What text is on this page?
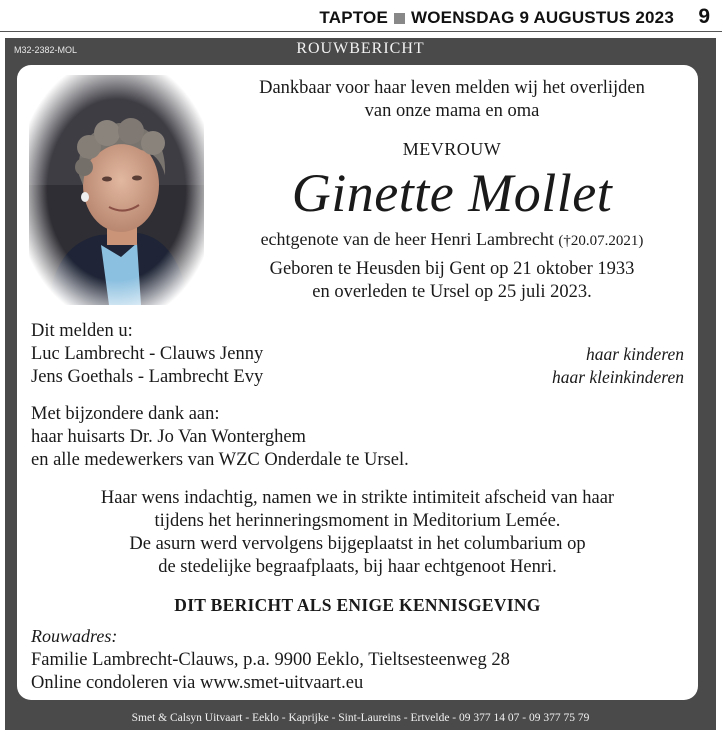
TAPTOE WOENSDAG 9 AUGUSTUS 2023 9
M32-2382-MOL	ROUWBERICHT
Smet & Calsyn Uitvaart - Eeklo - Kaprijke - Sint-Laureins - Ertvelde - 09 377 14 07 - 09 377 75 79
Dankbaar voor haar leven melden wij het overlijden
van onze mama en oma
MEVROUW
Ginette Mollet
echtgenote van de heer Henri Lambrecht (†20.07.2021)
Geboren te Heusden bij Gent op 21 oktober 1933
en overleden te Ursel op 25 juli 2023.
Dit melden u:
Luc Lambrecht - Clauws Jenny	haar kinderen
Jens Goethals - Lambrecht Evy	haar kleinkinderen
Met bijzondere dank aan:
haar huisarts Dr. Jo Van Wonterghem
en alle medewerkers van WZC Onderdale te Ursel.
Haar wens indachtig, namen we in strikte intimiteit afscheid van haar
tijdens het herinneringsmoment in Meditorium Lemée.
De asurn werd vervolgens bijgeplaatst in het columbarium op
de stedelijke begraafplaats, bij haar echtgenoot Henri.
DIT BERICHT ALS ENIGE KENNISGEVING
Rouwadres:
Familie Lambrecht-Clauws, p.a. 9900 Eeklo, Tieltsesteenweg 28
Online condoleren via www.smet-uitvaart.eu
